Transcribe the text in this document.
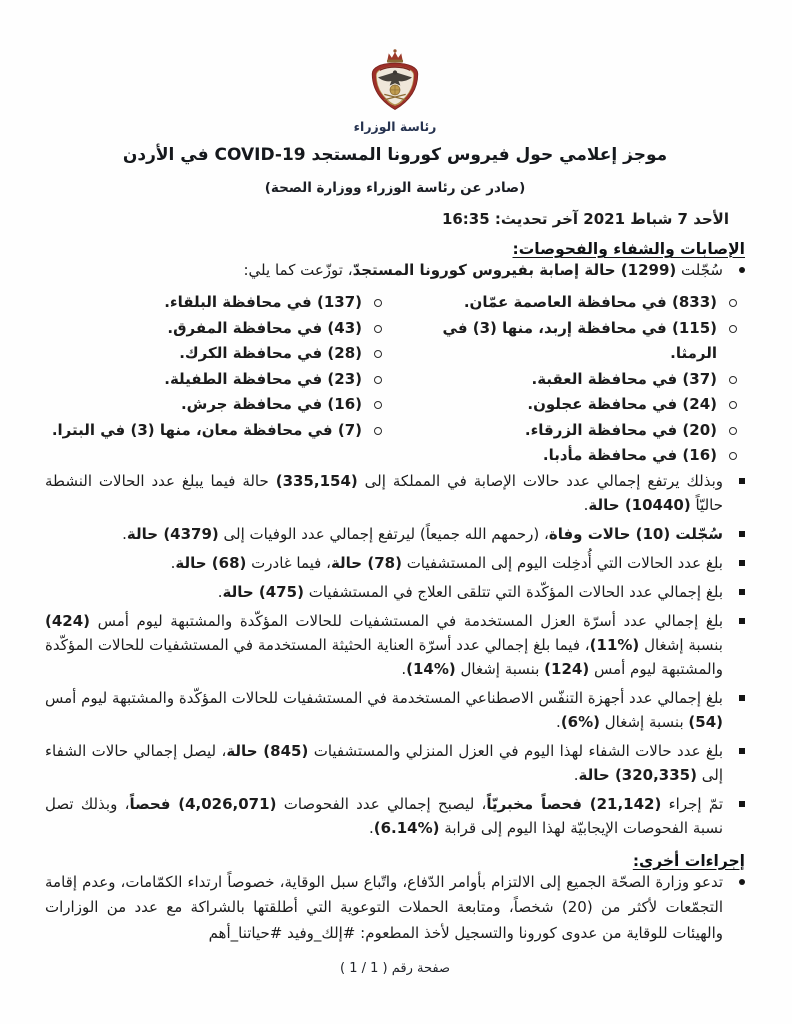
رئاسة الوزراء
موجز إعلامي حول فيروس كورونا المستجد COVID-19 في الأردن
(صادر عن رئاسة الوزراء ووزارة الصحة)
الأحد 7 شباط 2021 آخر تحديث: 16:35
الإصابات والشفاء والفحوصات:
سُجّلت (1299) حالة إصابة بفيروس كورونا المستجدّ، توزّعت كما يلي:
(833) في محافظة العاصمة عمّان.
(115) في محافظة إربد، منها (3) في الرمثا.
(37) في محافظة العقبة.
(24) في محافظة عجلون.
(20) في محافظة الزرقاء.
(16) في محافظة مأدبا.
(137) في محافظة البلقاء.
(43) في محافظة المفرق.
(28) في محافظة الكرك.
(23) في محافظة الطفيلة.
(16) في محافظة جرش.
(7) في محافظة معان، منها (3) في البترا.
وبذلك يرتفع إجمالي عدد حالات الإصابة في المملكة إلى (335,154) حالة فيما يبلغ عدد الحالات النشطة حاليّاً (10440) حالة.
سُجّلت (10) حالات وفاة، (رحمهم الله جميعاً) ليرتفع إجمالي عدد الوفيات إلى (4379) حالة.
بلغ عدد الحالات التي أُدخِلت اليوم إلى المستشفيات (78) حالة، فيما غادرت (68) حالة.
بلغ إجمالي عدد الحالات المؤكّدة التي تتلقى العلاج في المستشفيات (475) حالة.
بلغ إجمالي عدد أسرّة العزل المستخدمة في المستشفيات للحالات المؤكّدة والمشتبهة ليوم أمس (424) بنسبة إشغال (%11)، فيما بلغ إجمالي عدد أسرّة العناية الحثيثة المستخدمة في المستشفيات للحالات المؤكّدة والمشتبهة ليوم أمس (124) بنسبة إشغال (%14).
بلغ إجمالي عدد أجهزة التنفّس الاصطناعي المستخدمة في المستشفيات للحالات المؤكّدة والمشتبهة ليوم أمس (54) بنسبة إشغال (%6).
بلغ عدد حالات الشفاء لهذا اليوم في العزل المنزلي والمستشفيات (845) حالة، ليصل إجمالي حالات الشفاء إلى (320,335) حالة.
تمّ إجراء (21,142) فحصاً مخبريّاً، ليصبح إجمالي عدد الفحوصات (4,026,071) فحصاً، وبذلك تصل نسبة الفحوصات الإيجابيّة لهذا اليوم إلى قرابة (%6.14).
إجراءات أخرى:
تدعو وزارة الصحّة الجميع إلى الالتزام بأوامر الدّفاع، واتّباع سبل الوقاية، خصوصاً ارتداء الكمّامات، وعدم إقامة التجمّعات لأكثر من (20) شخصاً، ومتابعة الحملات التوعوية التي أطلقتها بالشراكة مع عدد من الوزارات والهيئات للوقاية من عدوى كورونا والتسجيل لأخذ المطعوم: #إلك_وفيد #حياتنا_أهم
صفحة رقم ( 1 / 1 )
